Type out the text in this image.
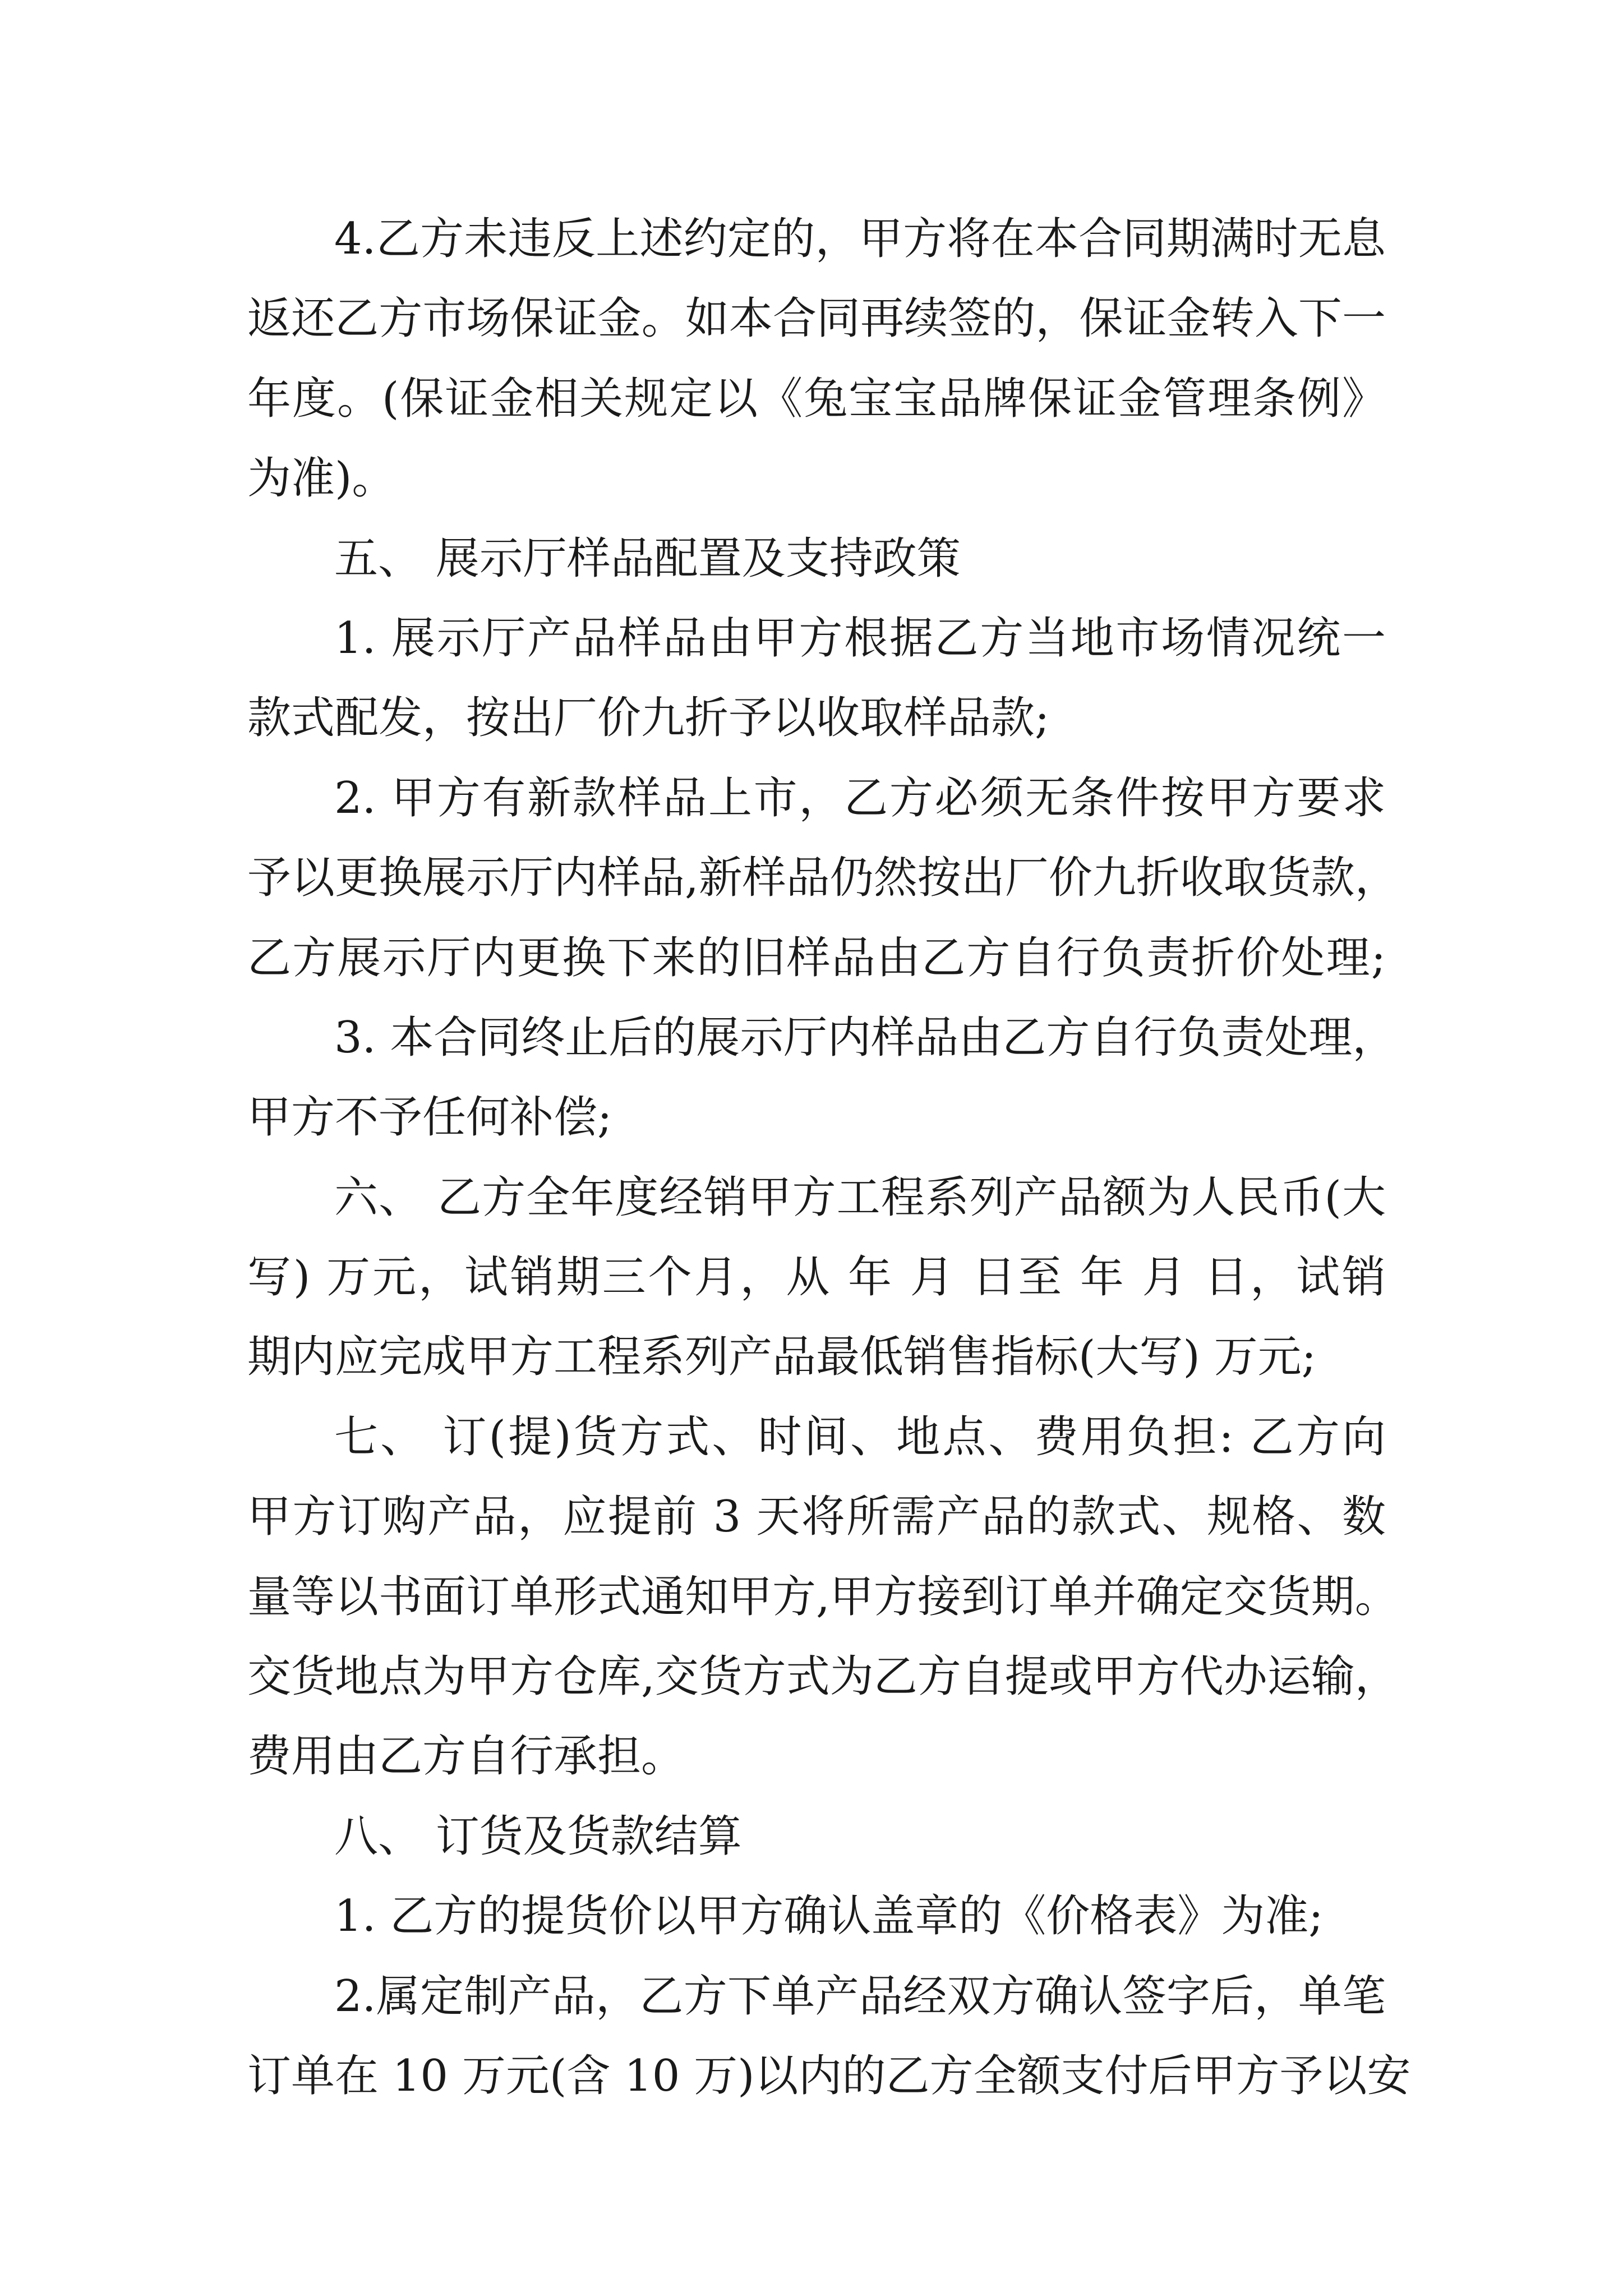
4.乙方未违反上述约定的，甲方将在本合同期满时无息
返还乙方市场保证金。如本合同再续签的，保证金转入下一
年度。(保证金相关规定以《兔宝宝品牌保证金管理条例》
为准)。
五、 展示厅样品配置及支持政策
1. 展示厅产品样品由甲方根据乙方当地市场情况统一
款式配发，按出厂价九折予以收取样品款;
2. 甲方有新款样品上市，乙方必须无条件按甲方要求
予以更换展示厅内样品,新样品仍然按出厂价九折收取货款，
乙方展示厅内更换下来的旧样品由乙方自行负责折价处理;
3. 本合同终止后的展示厅内样品由乙方自行负责处理，
甲方不予任何补偿;
六、 乙方全年度经销甲方工程系列产品额为人民币(大
写) 万元，试销期三个月，从 年 月 日至 年 月 日，试销
期内应完成甲方工程系列产品最低销售指标(大写) 万元;
七、 订(提)货方式、时间、地点、费用负担: 乙方向
甲方订购产品，应提前 3 天将所需产品的款式、规格、数
量等以书面订单形式通知甲方,甲方接到订单并确定交货期。
交货地点为甲方仓库,交货方式为乙方自提或甲方代办运输，
费用由乙方自行承担。
八、 订货及货款结算
1. 乙方的提货价以甲方确认盖章的《价格表》为准;
2.属定制产品，乙方下单产品经双方确认签字后，单笔
订单在 10 万元(含 10 万)以内的乙方全额支付后甲方予以安
